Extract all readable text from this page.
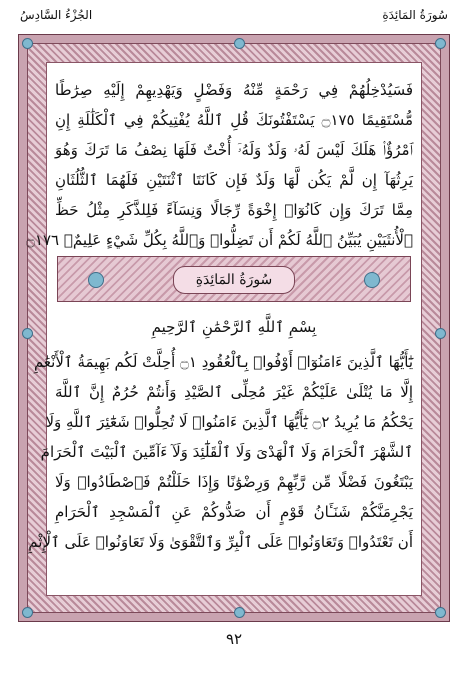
سُورَةُ المَائِدَةِ
الجُزْءُ السَّادِسُ
فَسَيُدْخِلُهُمْ فِي رَحْمَةٍ مِّنْهُ وَفَضْلٍ وَيَهْدِيهِمْ إِلَيْهِ صِرَٰطًا
مُّسْتَقِيمًا ۝١٧٥ يَسْتَفْتُونَكَ قُلِ ٱللَّهُ يُفْتِيكُمْ فِي ٱلْكَلَٰلَةِ إِنِ
ٱمْرُؤٌا۟ هَلَكَ لَيْسَ لَهُۥ وَلَدٌ وَلَهُۥٓ أُخْتٌ فَلَهَا نِصْفُ مَا تَرَكَ وَهُوَ
يَرِثُهَآ إِن لَّمْ يَكُن لَّهَا وَلَدٌ فَإِن كَانَتَا ٱثْنَتَيْنِ فَلَهُمَا ٱلثُّلُثَانِ
مِمَّا تَرَكَ وَإِن كَانُوٓا۟ إِخْوَةً رِّجَالًا وَنِسَآءً فَلِلذَّكَرِ مِثْلُ حَظِّ
ٱلْأُنثَيَيْنِ يُبَيِّنُ ٱللَّهُ لَكُمْ أَن تَضِلُّوا۟ وَٱللَّهُ بِكُلِّ شَيْءٍ عَلِيمٌۢ ۝١٧٦
سُورَةُ المَائِدَةِ
بِسْمِ ٱللَّهِ ٱلرَّحْمَٰنِ ٱلرَّحِيمِ
يَٰٓأَيُّهَا ٱلَّذِينَ ءَامَنُوٓا۟ أَوْفُوا۟ بِٱلْعُقُودِ ۝١ أُحِلَّتْ لَكُم بَهِيمَةُ ٱلْأَنْعَٰمِ
إِلَّا مَا يُتْلَىٰ عَلَيْكُمْ غَيْرَ مُحِلِّى ٱلصَّيْدِ وَأَنتُمْ حُرُمٌ إِنَّ ٱللَّهَ
يَحْكُمُ مَا يُرِيدُ ۝٢ يَٰٓأَيُّهَا ٱلَّذِينَ ءَامَنُوا۟ لَا تُحِلُّوا۟ شَعَٰٓئِرَ ٱللَّهِ وَلَا
ٱلشَّهْرَ ٱلْحَرَامَ وَلَا ٱلْهَدْىَ وَلَا ٱلْقَلَٰٓئِدَ وَلَآ ءَآمِّينَ ٱلْبَيْتَ ٱلْحَرَامَ
يَبْتَغُونَ فَضْلًا مِّن رَّبِّهِمْ وَرِضْوَٰنًا وَإِذَا حَلَلْتُمْ فَٱصْطَادُوا۟ وَلَا
يَجْرِمَنَّكُمْ شَنَـَٔانُ قَوْمٍ أَن صَدُّوكُمْ عَنِ ٱلْمَسْجِدِ ٱلْحَرَامِ
أَن تَعْتَدُوا۟ وَتَعَاوَنُوا۟ عَلَى ٱلْبِرِّ وَٱلتَّقْوَىٰ وَلَا تَعَاوَنُوا۟ عَلَى ٱلْإِثْمِ
٩٢
